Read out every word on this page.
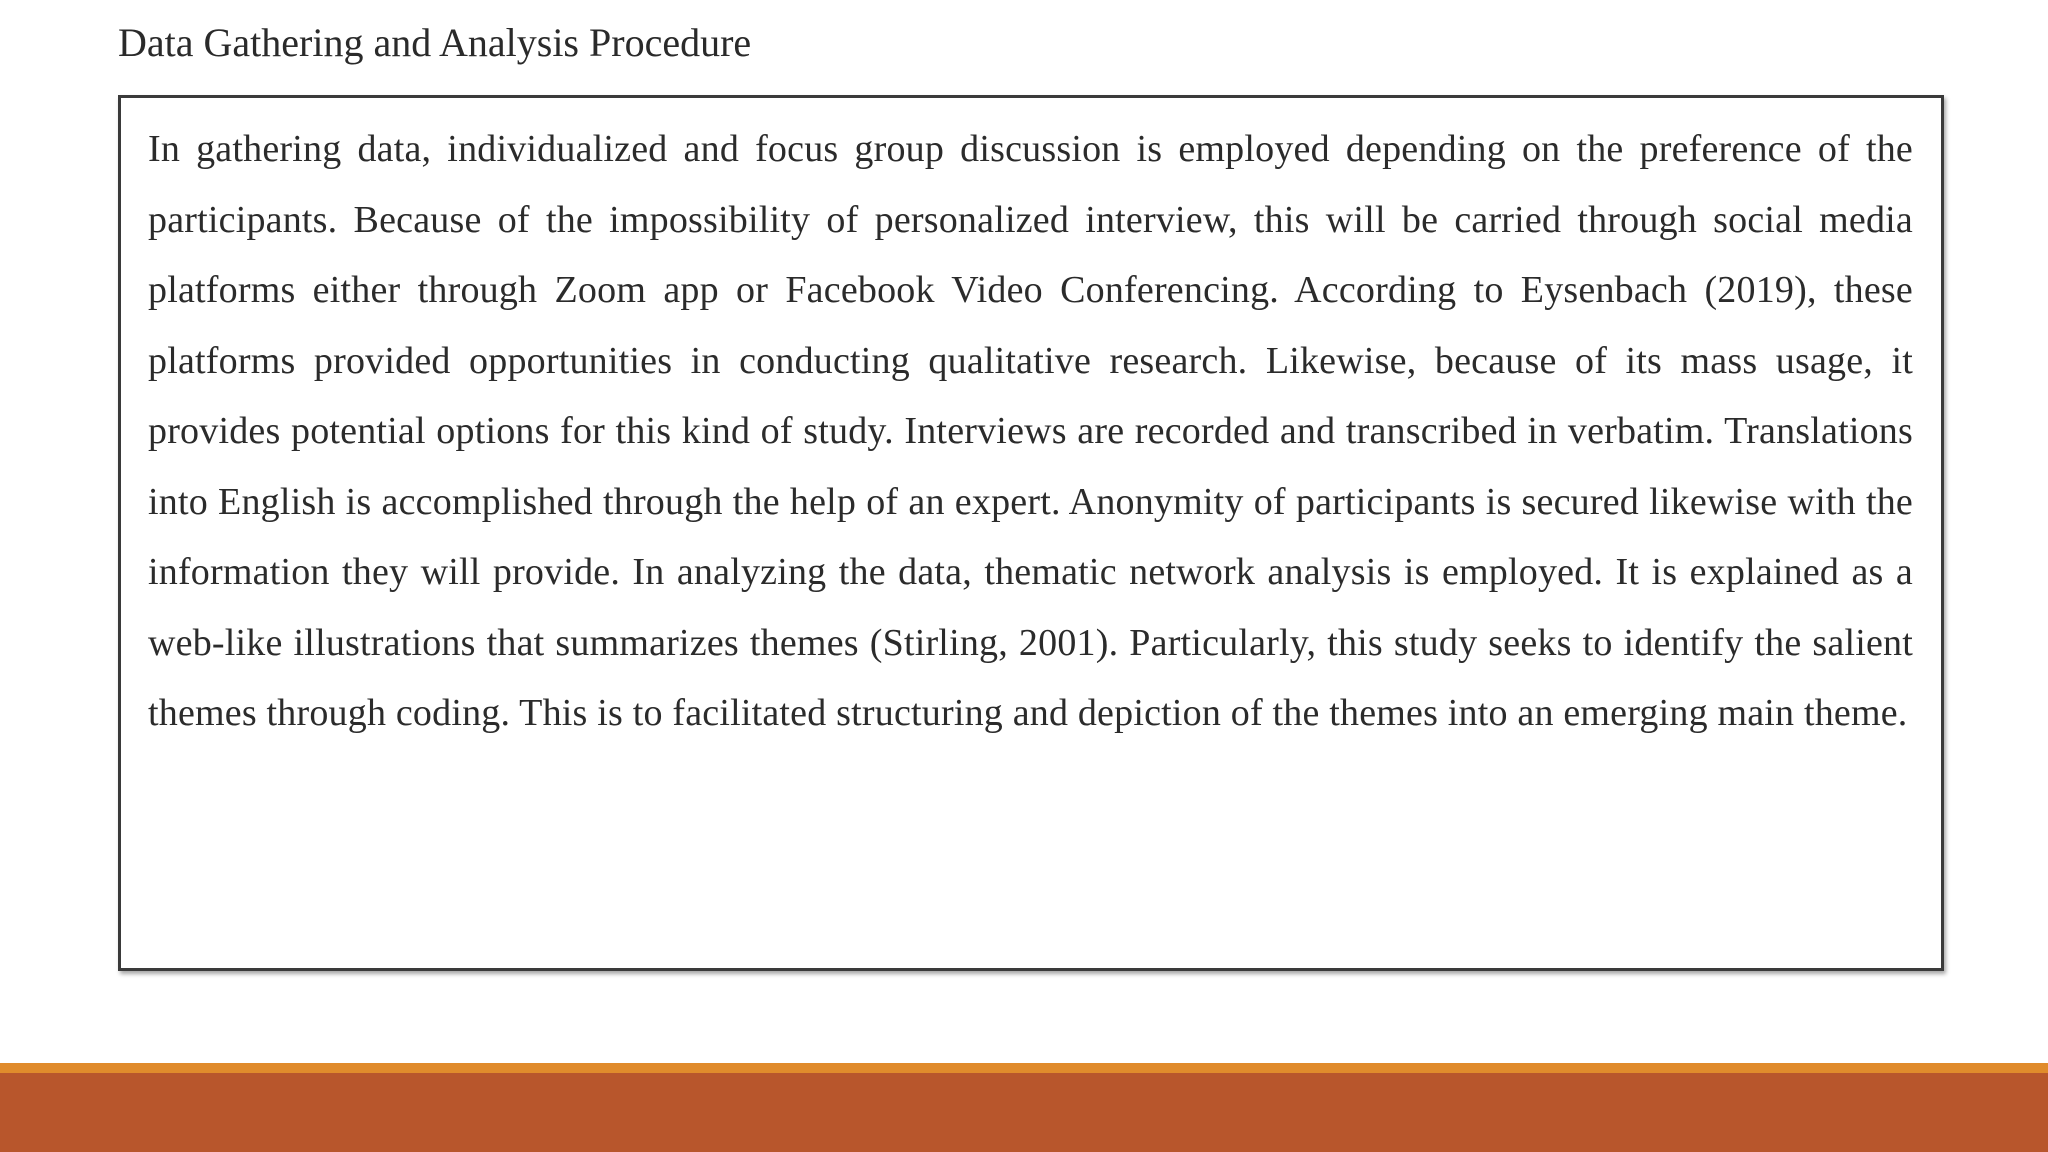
Data Gathering and Analysis Procedure

In gathering data, individualized and focus group discussion is employed depending on the preference of the participants. Because of the impossibility of personalized interview, this will be carried through social media platforms either through Zoom app or Facebook Video Conferencing. According to Eysenbach (2019), these platforms provided opportunities in conducting qualitative research. Likewise, because of its mass usage, it provides potential options for this kind of study. Interviews are recorded and transcribed in verbatim. Translations into English is accomplished through the help of an expert. Anonymity of participants is secured likewise with the information they will provide. In analyzing the data, thematic network analysis is employed. It is explained as a web-like illustrations that summarizes themes (Stirling, 2001). Particularly, this study seeks to identify the salient themes through coding. This is to facilitated structuring and depiction of the themes into an emerging main theme.
